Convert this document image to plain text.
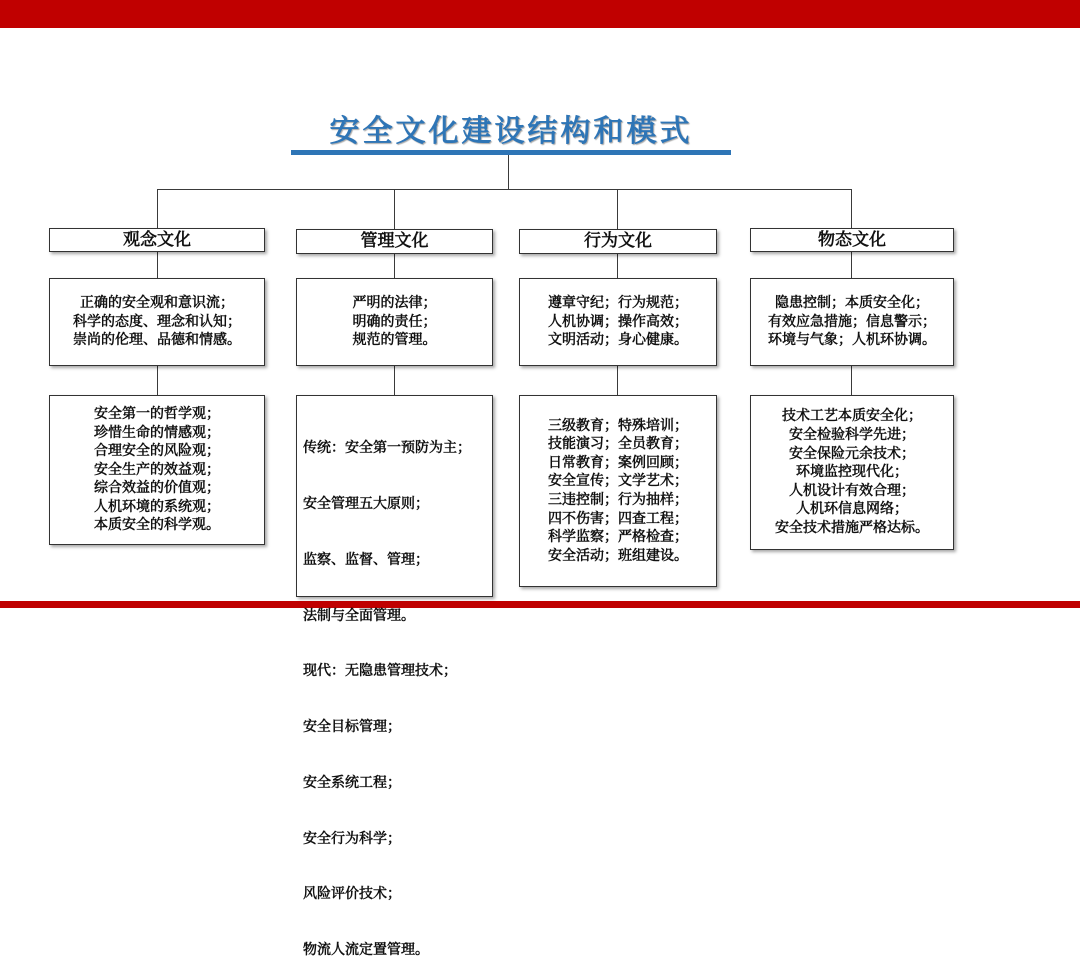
安全文化建设结构和模式
观念文化	管理文化	行为文化	物态文化
正确的安全观和意识流；
科学的态度、理念和认知；
崇尚的伦理、品德和情感。
严明的法律；
明确的责任；
规范的管理。
遵章守纪；行为规范；
人机协调；操作高效；
文明活动；身心健康。
隐患控制；本质安全化；
有效应急措施；信息警示；
环境与气象；人机环协调。
安全第一的哲学观；
珍惜生命的情感观；
合理安全的风险观；
安全生产的效益观；
综合效益的价值观；
人机环境的系统观；
本质安全的科学观。

传统：安全第一预防为主；

安全管理五大原则；

监察、监督、管理；

法制与全面管理。

现代：无隐患管理技术；

安全目标管理；

安全系统工程；

安全行为科学；

风险评价技术；

物流人流定置管理。

三级教育；特殊培训；
技能演习；全员教育；
日常教育；案例回顾；
安全宣传；文学艺术；
三违控制；行为抽样；
四不伤害；四查工程；
科学监察；严格检查；
安全活动；班组建设。
技术工艺本质安全化；
安全检验科学先进；
安全保险元余技术；
环境监控现代化；
人机设计有效合理；
人机环信息网络；
安全技术措施严格达标。
